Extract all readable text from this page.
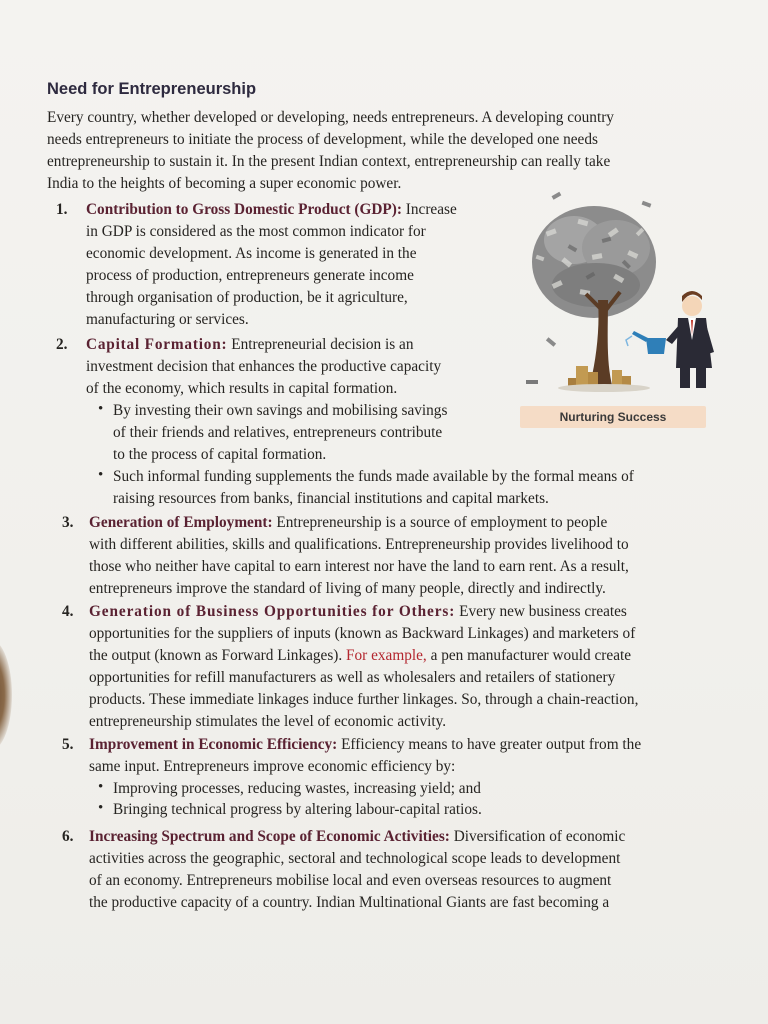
Need for Entrepreneurship
Every country, whether developed or developing, needs entrepreneurs. A developing country
needs entrepreneurs to initiate the process of development, while the developed one needs
entrepreneurship to sustain it. In the present Indian context, entrepreneurship can really take
India to the heights of becoming a super economic power.
1. Contribution to Gross Domestic Product (GDP): Increase
in GDP is considered as the most common indicator for
economic development. As income is generated in the
process of production, entrepreneurs generate income
through organisation of production, be it agriculture,
manufacturing or services.
2. Capital Formation: Entrepreneurial decision is an
investment decision that enhances the productive capacity
of the economy, which results in capital formation.
• By investing their own savings and mobilising savings
of their friends and relatives, entrepreneurs contribute
to the process of capital formation.
• Such informal funding supplements the funds made available by the formal means of
raising resources from banks, financial institutions and capital markets.
3. Generation of Employment: Entrepreneurship is a source of employment to people
with different abilities, skills and qualifications. Entrepreneurship provides livelihood to
those who neither have capital to earn interest nor have the land to earn rent. As a result,
entrepreneurs improve the standard of living of many people, directly and indirectly.
4. Generation of Business Opportunities for Others: Every new business creates
opportunities for the suppliers of inputs (known as Backward Linkages) and marketers of
the output (known as Forward Linkages). For example, a pen manufacturer would create
opportunities for refill manufacturers as well as wholesalers and retailers of stationery
products. These immediate linkages induce further linkages. So, through a chain-reaction,
entrepreneurship stimulates the level of economic activity.
5. Improvement in Economic Efficiency: Efficiency means to have greater output from the
same input. Entrepreneurs improve economic efficiency by:
• Improving processes, reducing wastes, increasing yield; and
• Bringing technical progress by altering labour-capital ratios.
6. Increasing Spectrum and Scope of Economic Activities: Diversification of economic
activities across the geographic, sectoral and technological scope leads to development
of an economy. Entrepreneurs mobilise local and even overseas resources to augment
the productive capacity of a country. Indian Multinational Giants are fast becoming a
Nurturing Success
